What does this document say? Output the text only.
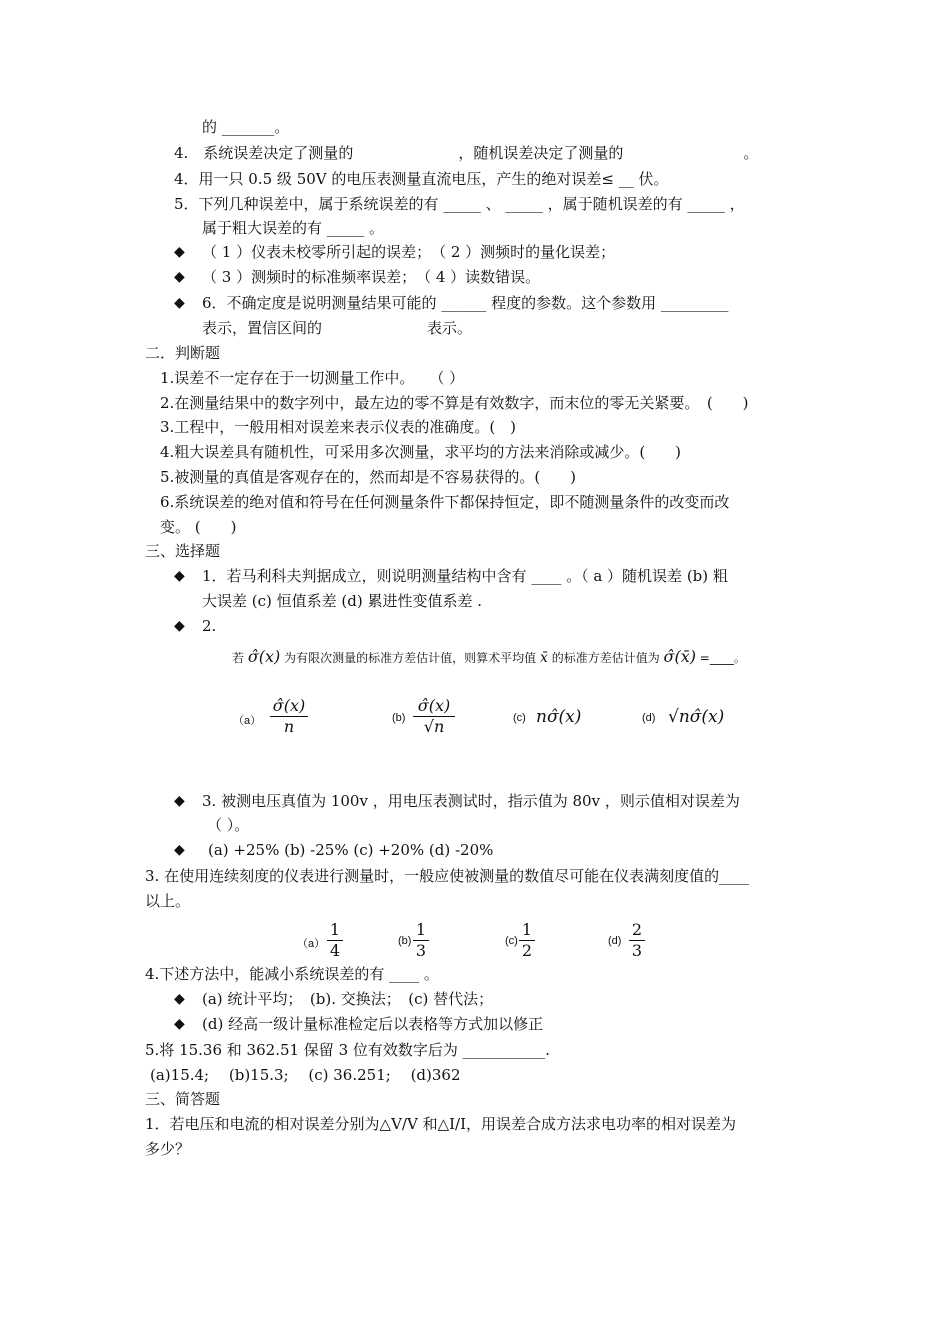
的 _______。
4.　系统误差决定了测量的　　　　　　　，随机误差决定了测量的　　　　　　　　。
4．用一只 0.5 级 50V 的电压表测量直流电压，产生的绝对误差≤ __ 伏。
5．下列几种误差中，属于系统误差的有 _____ 、 _____ ，属于随机误差的有 _____ ，
属于粗大误差的有 _____ 。
◆ （ 1 ）仪表未校零所引起的误差；　（ 2 ）测频时的量化误差；
◆ （ 3 ）测频时的标准频率误差；　（ 4 ）读数错误。
◆ 6．不确定度是说明测量结果可能的 ______ 程度的参数。这个参数用 _________
表示，置信区间的　　　　　　　表示。
二．判断题
1.误差不一定存在于一切测量工作中。　　（ ）
2.在测量结果中的数字列中，最左边的零不算是有效数字，而末位的零无关紧要。　(　　)
3.工程中，一般用相对误差来表示仪表的准确度。(　)
4.粗大误差具有随机性，可采用多次测量，求平均的方法来消除或减少。(　　)
5.被测量的真值是客观存在的，然而却是不容易获得的。(　　)
6.系统误差的绝对值和符号在任何测量条件下都保持恒定，即不随测量条件的改变而改
变。 (　　)
三、选择题
◆ 1．若马利科夫判据成立，则说明测量结构中含有 ____ 。（ a ）随机误差 (b) 粗
大误差 (c) 恒值系差 (d) 累进性变值系差 .
◆ 2.
若 σ̂(x) 为有限次测量的标准方差估计值，则算术平均值 x̄ 的标准方差估计值为 σ̂(x̄) =____。
$(a) \frac{\sigmâ(x)}{n}$	$(b) \frac{\sigmâ(x)}{√n}$	(c) nσ̂(x)	(d) √nσ̂(x)
◆ 3. 被测电压真值为 100v ，用电压表测试时，指示值为 80v ，则示值相对误差为
（ ）。
◆ (a) +25% (b) -25% (c) +20% (d) -20%
3. 在使用连续刻度的仪表进行测量时，一般应使被测量的数值尽可能在仪表满刻度值的____
以上。
$(a) \frac{1}{4}$	$(b) \frac{1}{3}$	$(c) \frac{1}{2}$	$(d) \frac{2}{3}$
4.下述方法中，能减小系统误差的有 ____ 。
◆ (a) 统计平均；　(b). 交换法；　(c) 替代法；
◆ (d) 经高一级计量标准检定后以表格等方式加以修正
5.将 15.36 和 362.51 保留 3 位有效数字后为 ___________.
(a)15.4;　 (b)15.3;　 (c) 36.251;　 (d)362
三、简答题
1．若电压和电流的相对误差分别为△V/V 和△I/I，用误差合成方法求电功率的相对误差为
多少？
